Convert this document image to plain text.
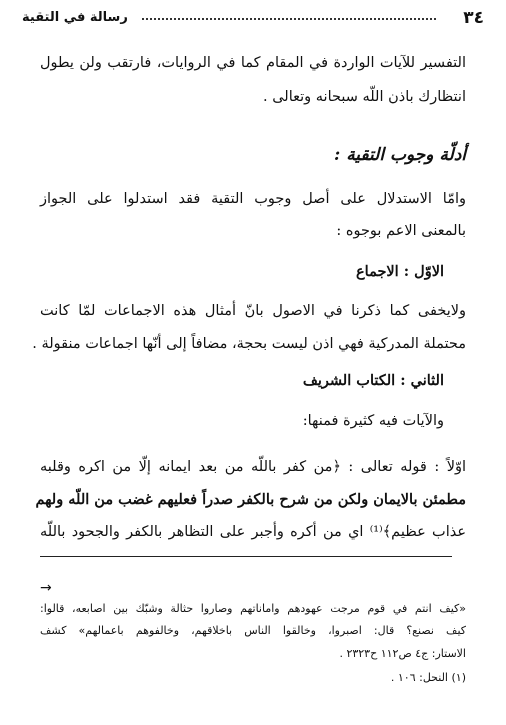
٣٤
رسالة في التقية
التفسير للآيات الواردة في المقام كما في الروايات، فارتقب ولن يطول
انتظارك باذن اللّه سبحانه وتعالى .
أدلّة وجوب التقية :
وامّا الاستدلال على أصل وجوب التقية فقد استدلوا على الجواز
بالمعنى الاعم بوجوه :
الاوّل : الاجماع
ولايخفى كما ذكرنا في الاصول بانّ أمثال هذه الاجماعات لمّا كانت
محتملة المدركية فهي اذن ليست بحجة، مضافاً إلى أنّها اجماعات منقولة .
الثاني : الكتاب الشريف
والآيات فيه كثيرة فمنها:
اوّلاً : قوله تعالى : ﴿من كفر باللّه من بعد ايمانه إلّا من اكره وقلبه
مطمئن بالايمان ولكن من شرح بالكفر صدراً فعليهم غضب من اللّه ولهم
عذاب عظيم﴾⁽¹⁾ اي من أكره وأجبر على التظاهر بالكفر والجحود باللّه
→
«كيف انتم في قوم مرجت عهودهم واماناتهم وصاروا حثالة وشبّك بين اصابعه، قالوا:
كيف نصنع؟ قال: اصبروا، وخالقوا الناس باخلاقهم، وخالفوهم باعمالهم» كشف
الاستار: ج٤ ص١١٢ ح٢٣٢٣ .
(١) النحل: ١٠٦ .
